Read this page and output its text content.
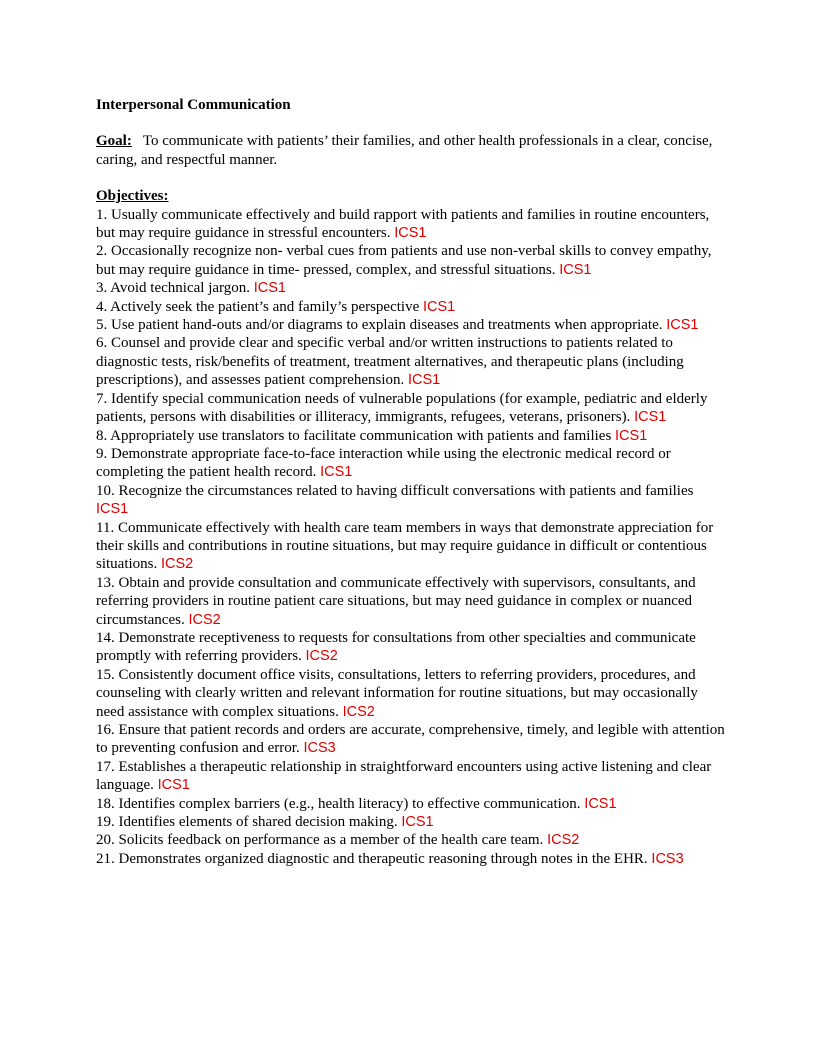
Interpersonal Communication
Goal: To communicate with patients’ their families, and other health professionals in a clear, concise, caring, and respectful manner.
Objectives:
1. Usually communicate effectively and build rapport with patients and families in routine encounters, but may require guidance in stressful encounters. ICS1
2. Occasionally recognize non- verbal cues from patients and use non-verbal skills to convey empathy, but may require guidance in time- pressed, complex, and stressful situations. ICS1
3. Avoid technical jargon. ICS1
4. Actively seek the patient’s and family’s perspective ICS1
5. Use patient hand-outs and/or diagrams to explain diseases and treatments when appropriate. ICS1
6. Counsel and provide clear and specific verbal and/or written instructions to patients related to diagnostic tests, risk/benefits of treatment, treatment alternatives, and therapeutic plans (including prescriptions), and assesses patient comprehension. ICS1
7. Identify special communication needs of vulnerable populations (for example, pediatric and elderly patients, persons with disabilities or illiteracy, immigrants, refugees, veterans, prisoners). ICS1
8. Appropriately use translators to facilitate communication with patients and families ICS1
9. Demonstrate appropriate face-to-face interaction while using the electronic medical record or completing the patient health record. ICS1
10. Recognize the circumstances related to having difficult conversations with patients and families ICS1
11. Communicate effectively with health care team members in ways that demonstrate appreciation for their skills and contributions in routine situations, but may require guidance in difficult or contentious situations. ICS2
13. Obtain and provide consultation and communicate effectively with supervisors, consultants, and referring providers in routine patient care situations, but may need guidance in complex or nuanced circumstances. ICS2
14. Demonstrate receptiveness to requests for consultations from other specialties and communicate promptly with referring providers. ICS2
15. Consistently document office visits, consultations, letters to referring providers, procedures, and counseling with clearly written and relevant information for routine situations, but may occasionally need assistance with complex situations. ICS2
16. Ensure that patient records and orders are accurate, comprehensive, timely, and legible with attention to preventing confusion and error. ICS3
17. Establishes a therapeutic relationship in straightforward encounters using active listening and clear language. ICS1
18. Identifies complex barriers (e.g., health literacy) to effective communication. ICS1
19. Identifies elements of shared decision making. ICS1
20. Solicits feedback on performance as a member of the health care team. ICS2
21. Demonstrates organized diagnostic and therapeutic reasoning through notes in the EHR. ICS3
